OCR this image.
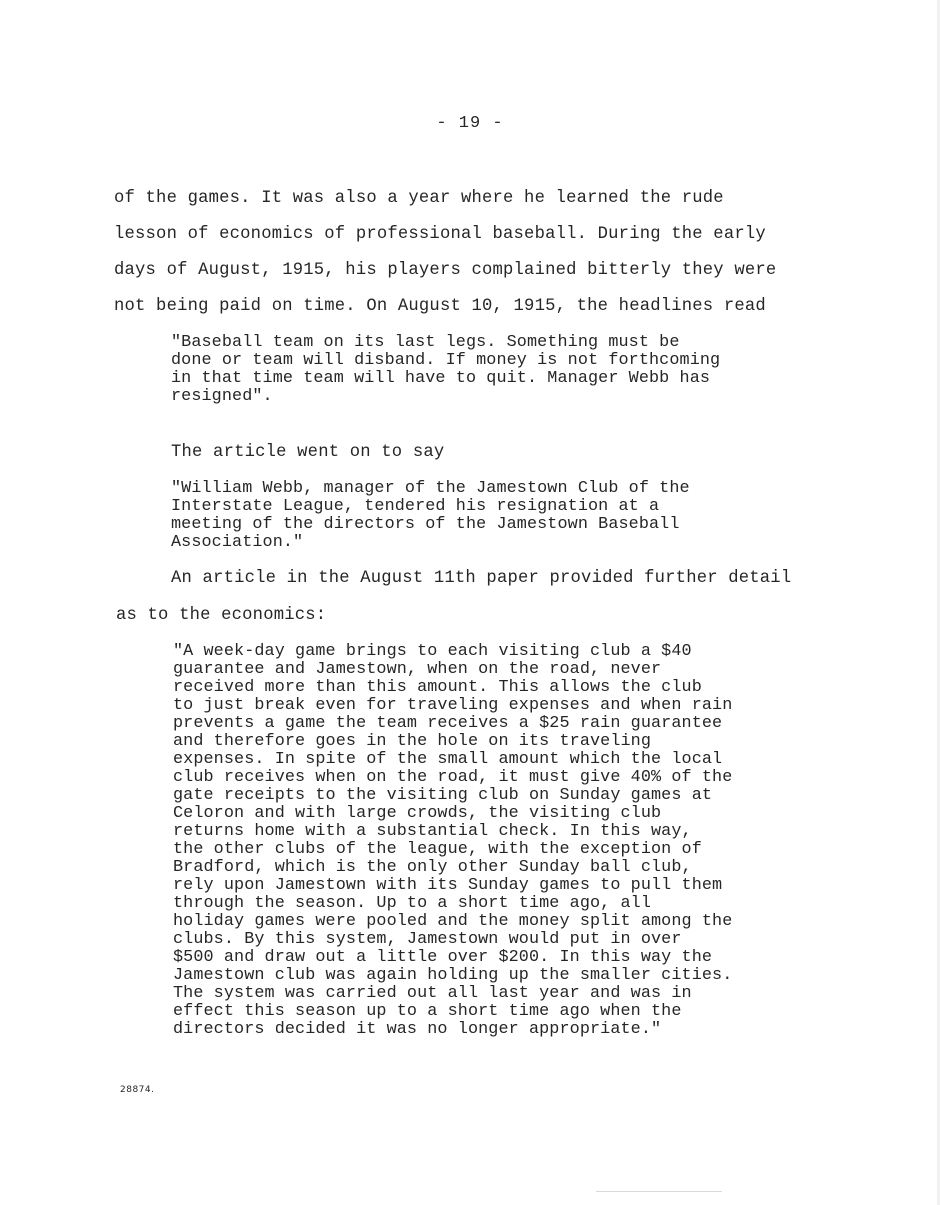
- 19 -
of the games. It was also a year where he learned the rude
lesson of economics of professional baseball. During the early
days of August, 1915, his players complained bitterly they were
not being paid on time. On August 10, 1915, the headlines read
"Baseball team on its last legs. Something must be
done or team will disband. If money is not forthcoming
in that time team will have to quit. Manager Webb has
resigned".
The article went on to say
"William Webb, manager of the Jamestown Club of the
Interstate League, tendered his resignation at a
meeting of the directors of the Jamestown Baseball
Association."
An article in the August 11th paper provided further detail
as to the economics:
"A week-day game brings to each visiting club a $40
guarantee and Jamestown, when on the road, never
received more than this amount. This allows the club
to just break even for traveling expenses and when rain
prevents a game the team receives a $25 rain guarantee
and therefore goes in the hole on its traveling
expenses. In spite of the small amount which the local
club receives when on the road, it must give 40% of the
gate receipts to the visiting club on Sunday games at
Celoron and with large crowds, the visiting club
returns home with a substantial check. In this way,
the other clubs of the league, with the exception of
Bradford, which is the only other Sunday ball club,
rely upon Jamestown with its Sunday games to pull them
through the season. Up to a short time ago, all
holiday games were pooled and the money split among the
clubs. By this system, Jamestown would put in over
$500 and draw out a little over $200. In this way the
Jamestown club was again holding up the smaller cities.
The system was carried out all last year and was in
effect this season up to a short time ago when the
directors decided it was no longer appropriate."
28874.
